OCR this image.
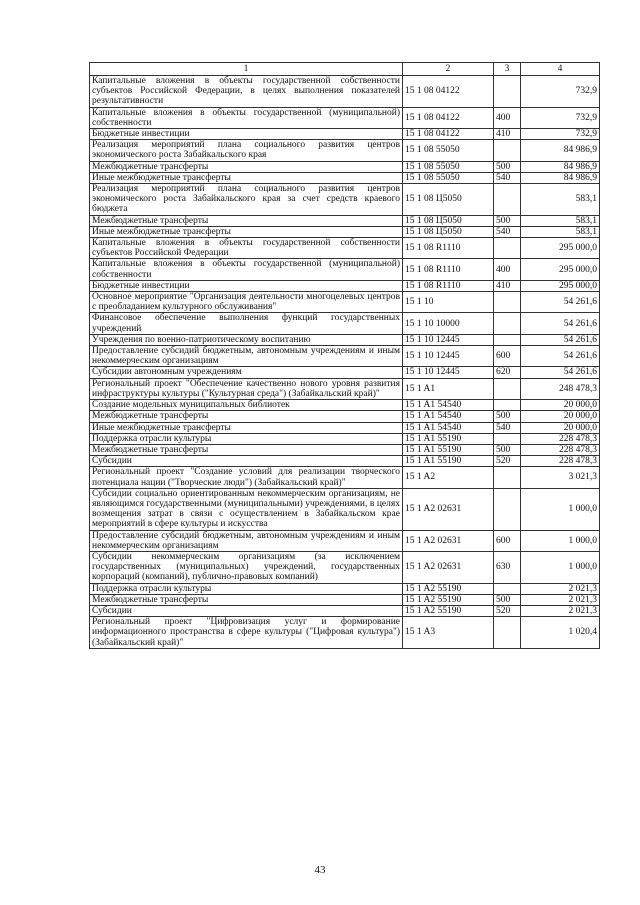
1	2	3	4
Капитальные вложения в объекты государственной собственности субъектов Российской Федерации, в целях выполнения показателей результативности	15 1 08 04122		732,9
Капитальные вложения в объекты государственной (муниципальной) собственности	15 1 08 04122	400	732,9
Бюджетные инвестиции	15 1 08 04122	410	732,9
Реализация мероприятий плана социального развития центров экономического роста Забайкальского края	15 1 08 55050		84 986,9
Межбюджетные трансферты	15 1 08 55050	500	84 986,9
Иные межбюджетные трансферты	15 1 08 55050	540	84 986,9
Реализация мероприятий плана социального развития центров экономического роста Забайкальского края за счет средств краевого бюджета	15 1 08 Ц5050		583,1
Межбюджетные трансферты	15 1 08 Ц5050	500	583,1
Иные межбюджетные трансферты	15 1 08 Ц5050	540	583,1
Капитальные вложения в объекты государственной собственности субъектов Российской Федерации	15 1 08 R1110		295 000,0
Капитальные вложения в объекты государственной (муниципальной) собственности	15 1 08 R1110	400	295 000,0
Бюджетные инвестиции	15 1 08 R1110	410	295 000,0
Основное мероприятие "Организация деятельности многоцелевых центров с преобладанием культурного обслуживания"	15 1 10		54 261,6
Финансовое обеспечение выполнения функций государственных учреждений	15 1 10 10000		54 261,6
Учреждения по военно-патриотическому воспитанию	15 1 10 12445		54 261,6
Предоставление субсидий бюджетным, автономным учреждениям и иным некоммерческим организациям	15 1 10 12445	600	54 261,6
Субсидии автономным учреждениям	15 1 10 12445	620	54 261,6
Региональный проект "Обеспечение качественно нового уровня развития инфраструктуры культуры ("Культурная среда") (Забайкальский край)"	15 1 A1		248 478,3
Создание модельных муниципальных библиотек	15 1 A1 54540		20 000,0
Межбюджетные трансферты	15 1 A1 54540	500	20 000,0
Иные межбюджетные трансферты	15 1 A1 54540	540	20 000,0
Поддержка отрасли культуры	15 1 A1 55190		228 478,3
Межбюджетные трансферты	15 1 A1 55190	500	228 478,3
Субсидии	15 1 A1 55190	520	228 478,3
Региональный проект "Создание условий для реализации творческого потенциала нации ("Творческие люди") (Забайкальский край)"	15 1 A2		3 021,3
Субсидии социально ориентированным некоммерческим организациям, не являющимся государственными (муниципальными) учреждениями, в целях возмещения затрат в связи с осуществлением в Забайкальском крае мероприятий в сфере культуры и искусства	15 1 A2 02631		1 000,0
Предоставление субсидий бюджетным, автономным учреждениям и иным некоммерческим организациям	15 1 A2 02631	600	1 000,0
Субсидии некоммерческим организациям (за исключением государственных (муниципальных) учреждений, государственных корпораций (компаний), публично-правовых компаний)	15 1 A2 02631	630	1 000,0
Поддержка отрасли культуры	15 1 A2 55190		2 021,3
Межбюджетные трансферты	15 1 A2 55190	500	2 021,3
Субсидии	15 1 A2 55190	520	2 021,3
Региональный проект "Цифровизация услуг и формирование информационного пространства в сфере культуры ("Цифровая культура") (Забайкальский край)"	15 1 A3		1 020,4
43
